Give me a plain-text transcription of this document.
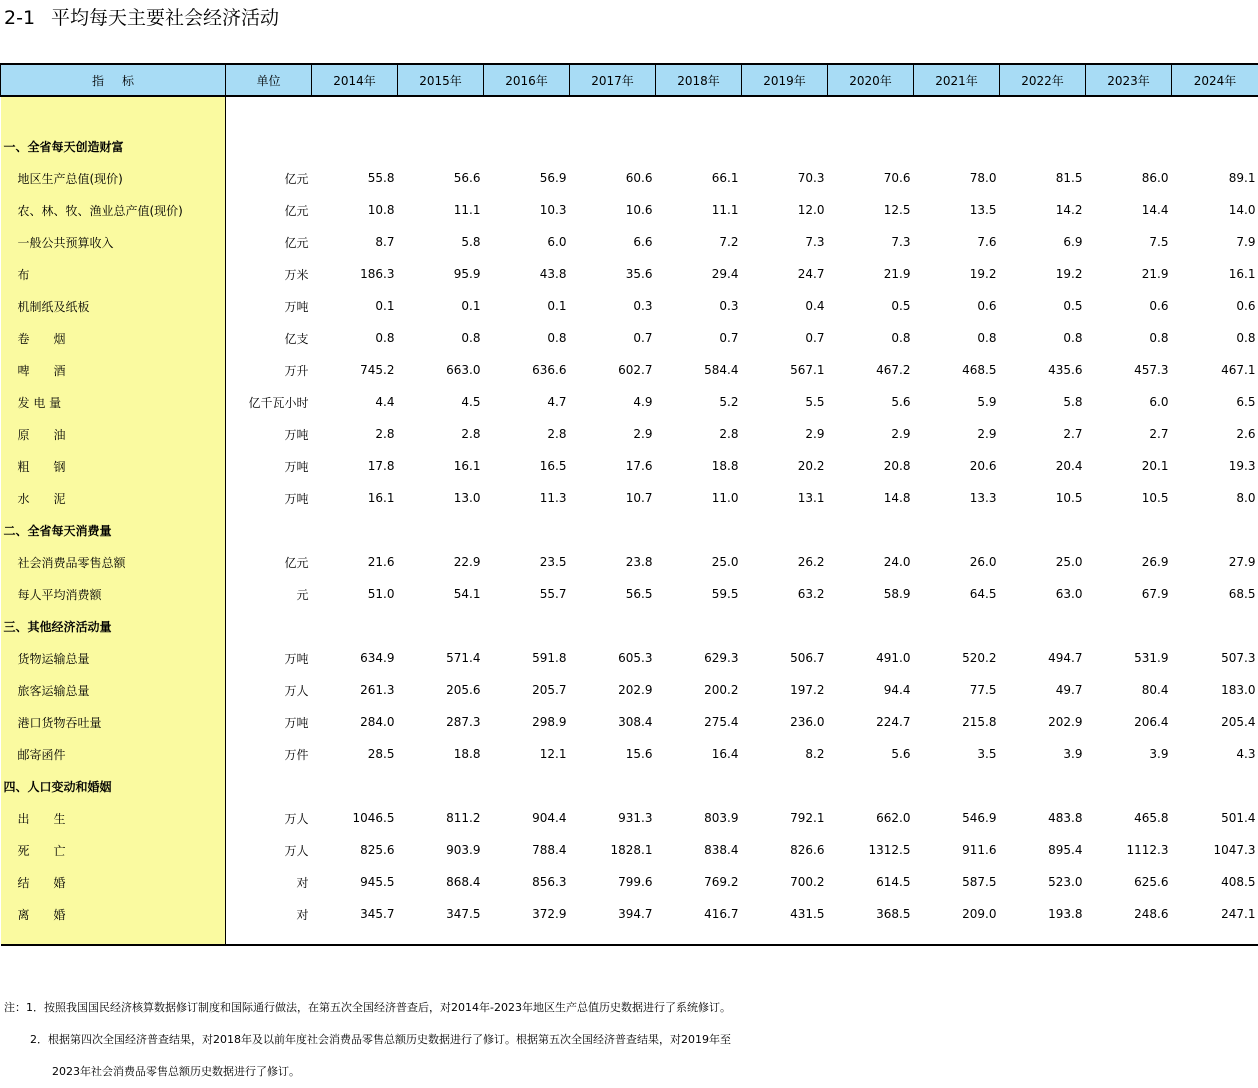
2-1 平均每天主要社会经济活动
指标	单位	2014年	2015年	2016年	2017年	2018年	2019年	2020年	2021年	2022年	2023年	2024年

一、全省每天创造财富												
地区生产总值(现价)	亿元	55.8	56.6	56.9	60.6	66.1	70.3	70.6	78.0	81.5	86.0	89.1
农、林、牧、渔业总产值(现价)	亿元	10.8	11.1	10.3	10.6	11.1	12.0	12.5	13.5	14.2	14.4	14.0
一般公共预算收入	亿元	8.7	5.8	6.0	6.6	7.2	7.3	7.3	7.6	6.9	7.5	7.9
布	万米	186.3	95.9	43.8	35.6	29.4	24.7	21.9	19.2	19.2	21.9	16.1
机制纸及纸板	万吨	0.1	0.1	0.1	0.3	0.3	0.4	0.5	0.6	0.5	0.6	0.6
卷　　烟	亿支	0.8	0.8	0.8	0.7	0.7	0.7	0.8	0.8	0.8	0.8	0.8
啤　　酒	万升	745.2	663.0	636.6	602.7	584.4	567.1	467.2	468.5	435.6	457.3	467.1
发 电 量	亿千瓦小时	4.4	4.5	4.7	4.9	5.2	5.5	5.6	5.9	5.8	6.0	6.5
原　　油	万吨	2.8	2.8	2.8	2.9	2.8	2.9	2.9	2.9	2.7	2.7	2.6
粗　　钢	万吨	17.8	16.1	16.5	17.6	18.8	20.2	20.8	20.6	20.4	20.1	19.3
水　　泥	万吨	16.1	13.0	11.3	10.7	11.0	13.1	14.8	13.3	10.5	10.5	8.0
二、全省每天消费量												
社会消费品零售总额	亿元	21.6	22.9	23.5	23.8	25.0	26.2	24.0	26.0	25.0	26.9	27.9
每人平均消费额	元	51.0	54.1	55.7	56.5	59.5	63.2	58.9	64.5	63.0	67.9	68.5
三、其他经济活动量												
货物运输总量	万吨	634.9	571.4	591.8	605.3	629.3	506.7	491.0	520.2	494.7	531.9	507.3
旅客运输总量	万人	261.3	205.6	205.7	202.9	200.2	197.2	94.4	77.5	49.7	80.4	183.0
港口货物吞吐量	万吨	284.0	287.3	298.9	308.4	275.4	236.0	224.7	215.8	202.9	206.4	205.4
邮寄函件	万件	28.5	18.8	12.1	15.6	16.4	8.2	5.6	3.5	3.9	3.9	4.3
四、人口变动和婚姻												
出　　生	万人	1046.5	811.2	904.4	931.3	803.9	792.1	662.0	546.9	483.8	465.8	501.4
死　　亡	万人	825.6	903.9	788.4	1828.1	838.4	826.6	1312.5	911.6	895.4	1112.3	1047.3
结　　婚	对	945.5	868.4	856.3	799.6	769.2	700.2	614.5	587.5	523.0	625.6	408.5
离　　婚	对	345.7	347.5	372.9	394.7	416.7	431.5	368.5	209.0	193.8	248.6	247.1

注：1．按照我国国民经济核算数据修订制度和国际通行做法，在第五次全国经济普查后，对2014年-2023年地区生产总值历史数据进行了系统修订。
2．根据第四次全国经济普查结果，对2018年及以前年度社会消费品零售总额历史数据进行了修订。根据第五次全国经济普查结果，对2019年至
2023年社会消费品零售总额历史数据进行了修订。
